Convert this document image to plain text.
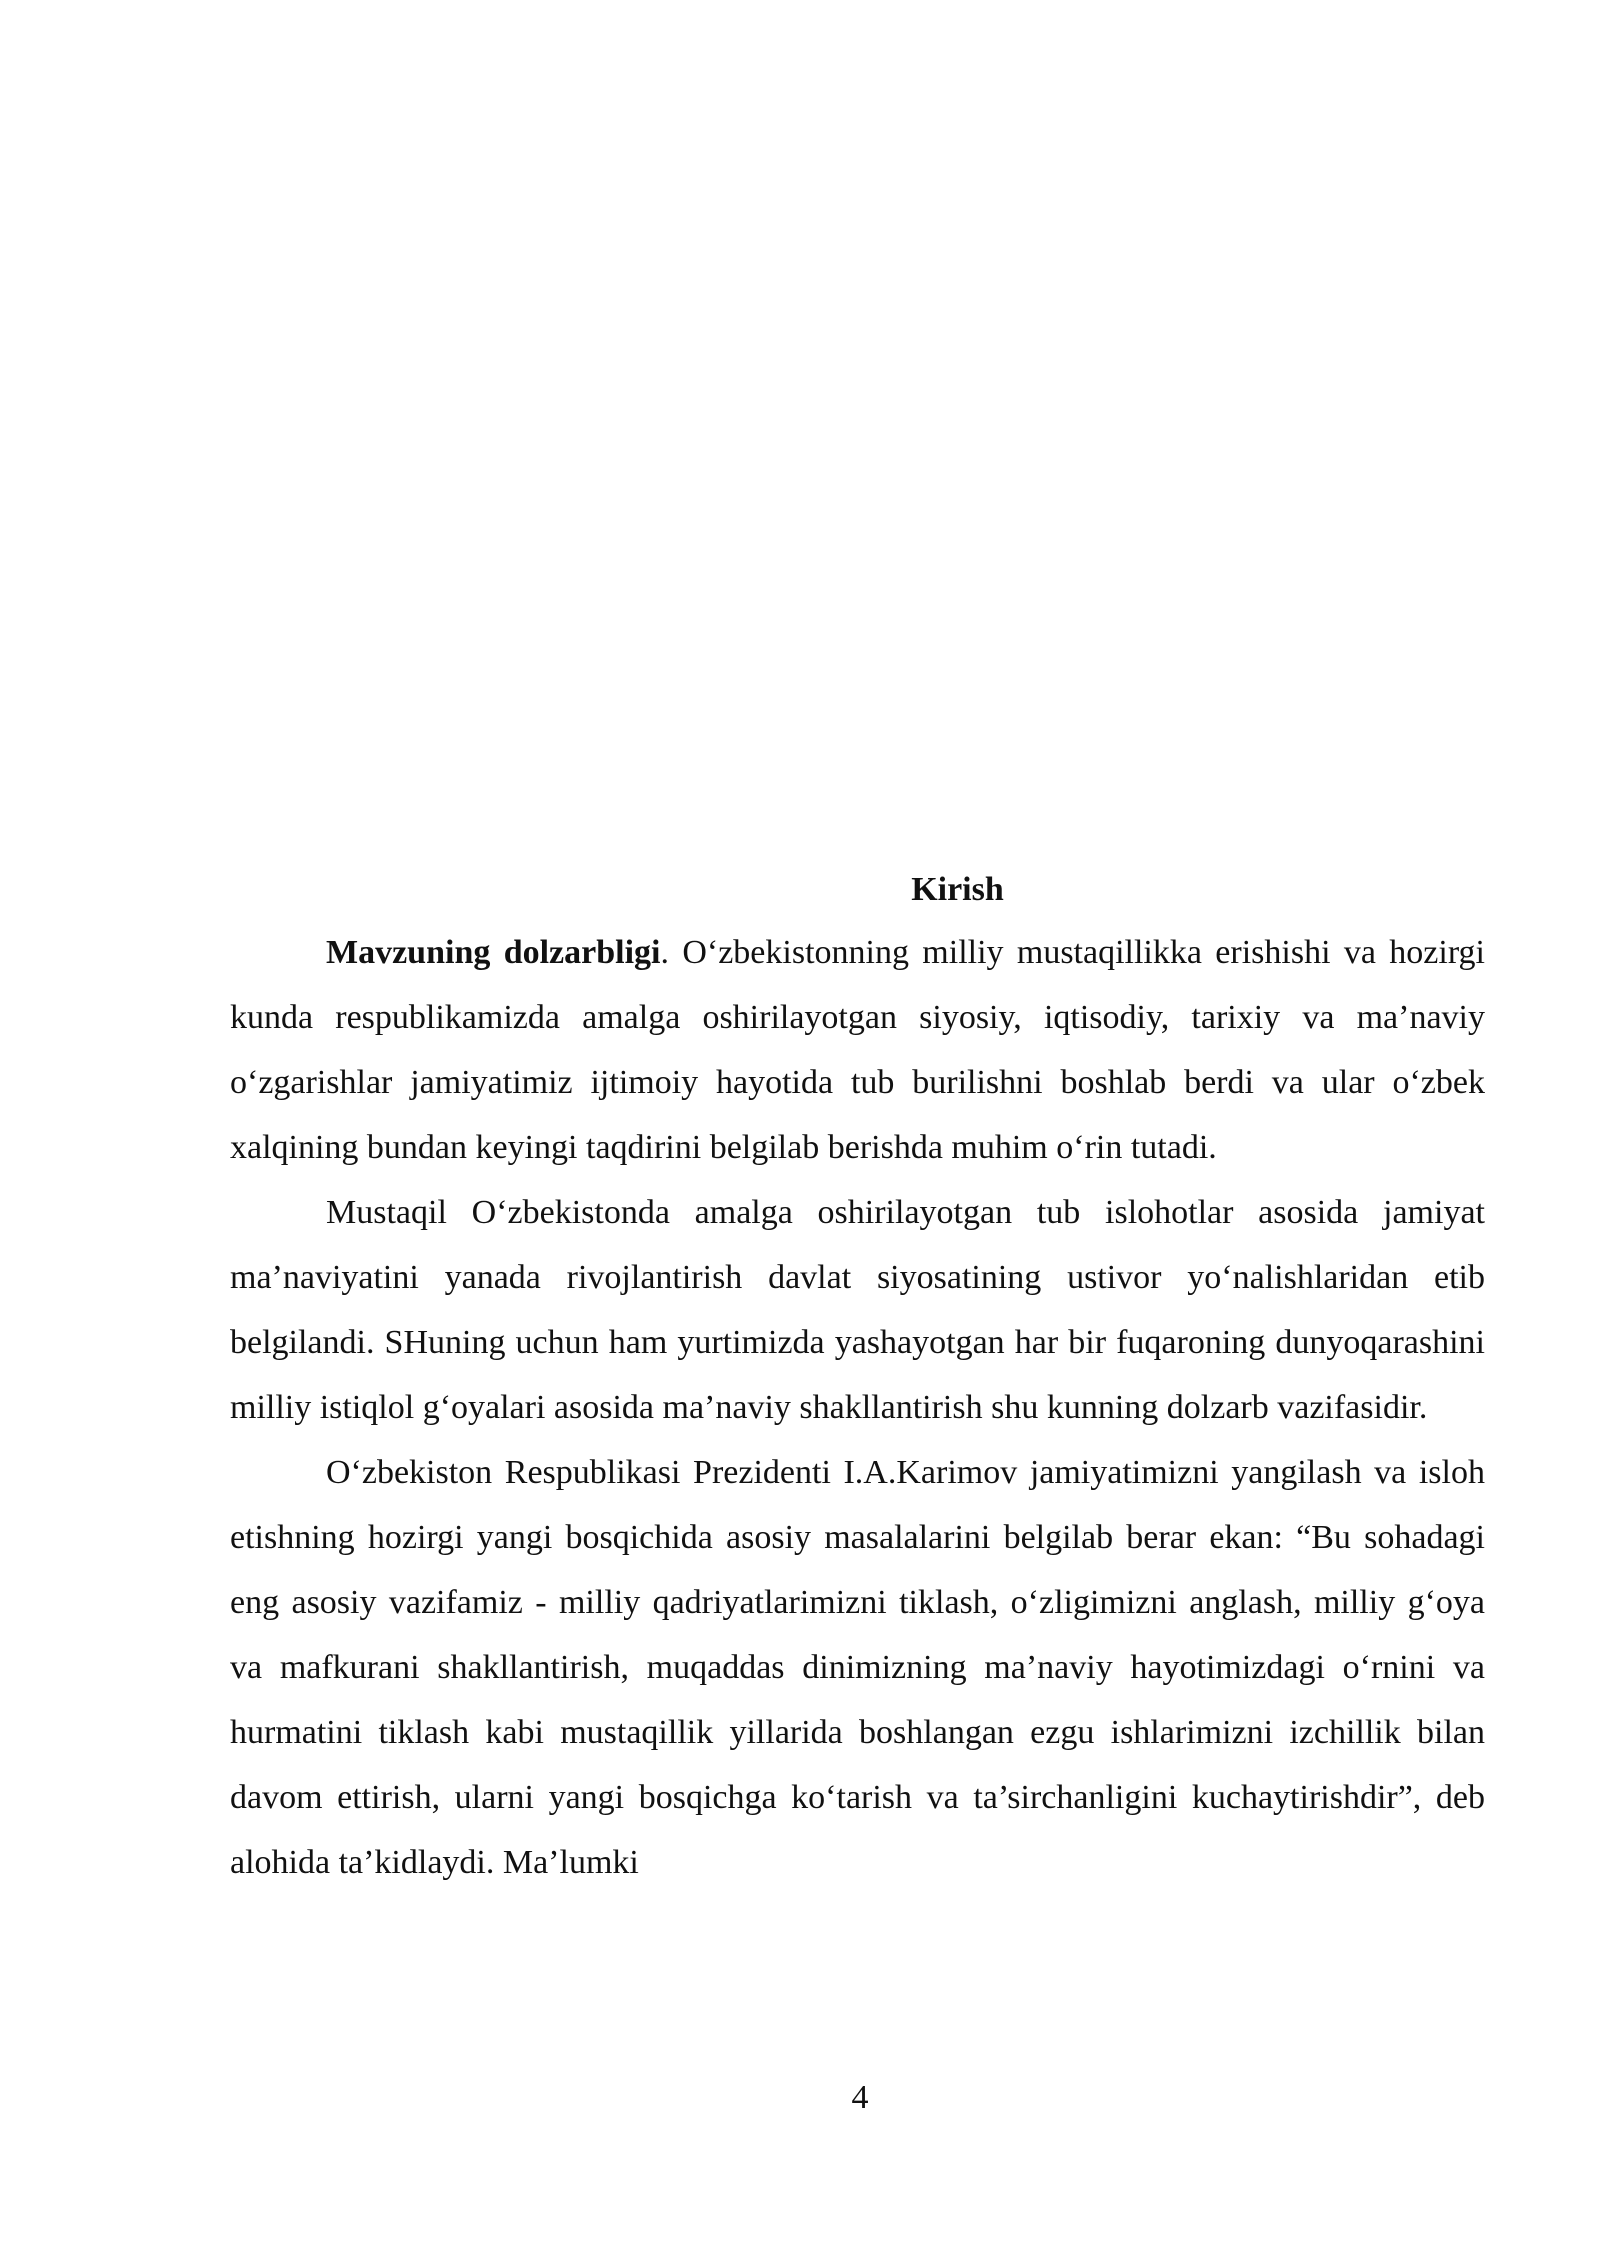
Kirish

Mavzuning dolzarbligi. O‘zbekistonning milliy mustaqillikka erishishi va hozirgi kunda respublikamizda amalga oshirilayotgan siyosiy, iqtisodiy, tarixiy va ma’naviy o‘zgarishlar jamiyatimiz ijtimoiy hayotida tub burilishni boshlab berdi va ular o‘zbek xalqining bundan keyingi taqdirini belgilab berishda muhim o‘rin tutadi.

Mustaqil O‘zbekistonda amalga oshirilayotgan tub islohotlar asosida jamiyat ma’naviyatini yanada rivojlantirish davlat siyosatining ustivor yo‘nalishlaridan etib belgilandi. SHuning uchun ham yurtimizda yashayotgan har bir fuqaroning dunyoqarashini milliy istiqlol g‘oyalari asosida ma’naviy shakllantirish shu kunning dolzarb vazifasidir.

O‘zbekiston Respublikasi Prezidenti I.A.Karimov jamiyatimizni yangilash va isloh etishning hozirgi yangi bosqichida asosiy masalalarini belgilab berar ekan: “Bu sohadagi eng asosiy vazifamiz - milliy qadriyatlarimizni tiklash, o‘zligimizni anglash, milliy g‘oya va mafkurani shakllantirish, muqaddas dinimizning ma’naviy hayotimizdagi o‘rnini va hurmatini tiklash kabi mustaqillik yillarida boshlangan ezgu ishlarimizni izchillik bilan davom ettirish, ularni yangi bosqichga ko‘tarish va ta’sirchanligini kuchaytirishdir”, deb alohida ta’kidlaydi. Ma’lumki

4
